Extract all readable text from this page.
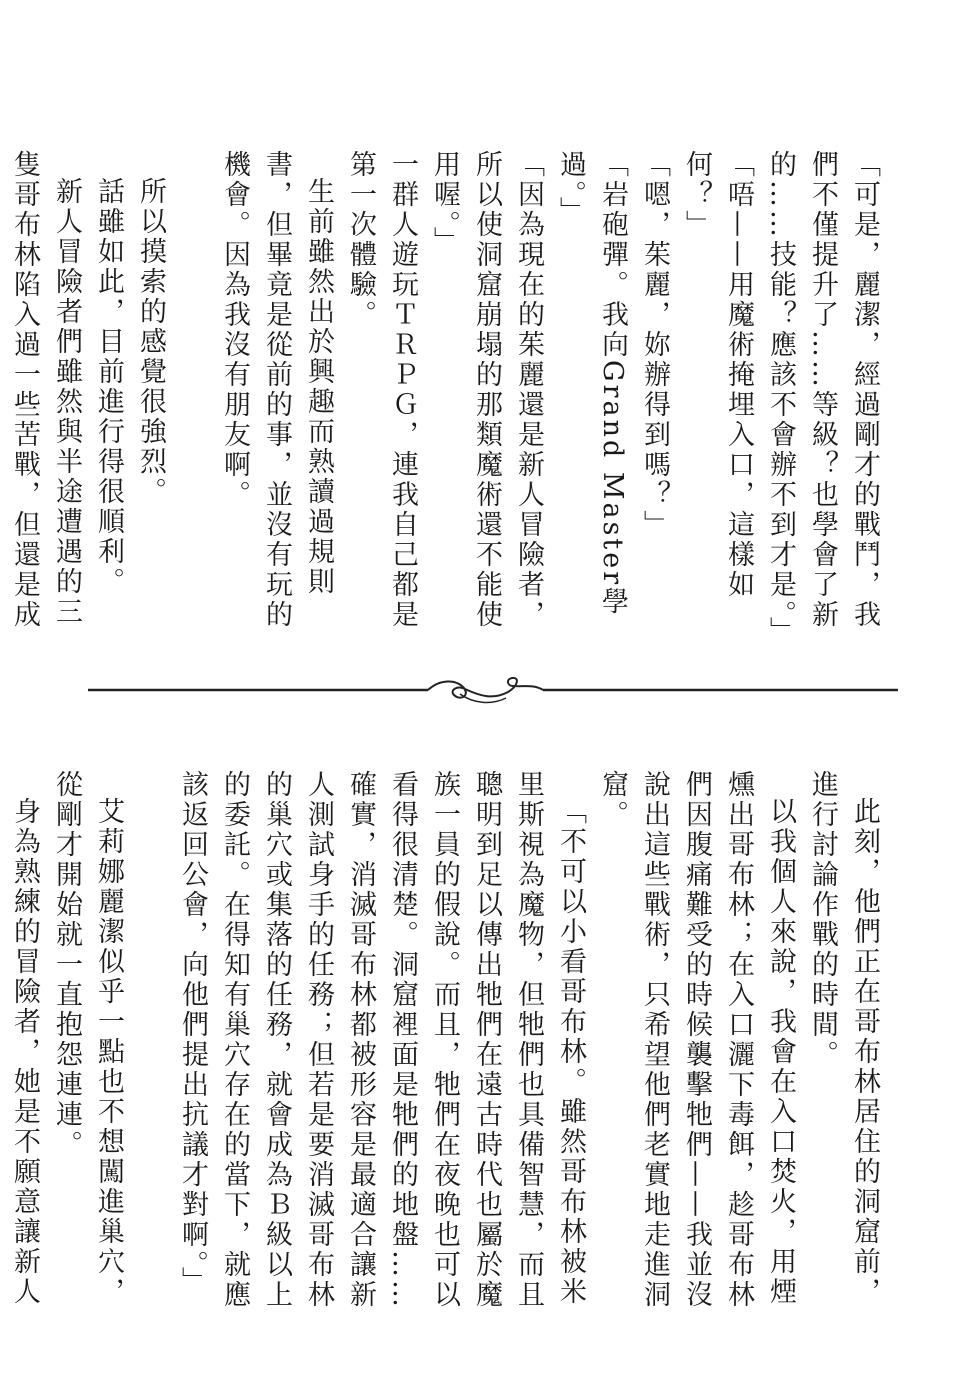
「可是，麗潔，經過剛才的戰鬥，我們不僅提升了……等級？也學會了新的……技能？應該不會辦不到才是。」

「唔——用魔術掩埋入口，這樣如何？」

「嗯，茱麗，妳辦得到嗎？」

「岩砲彈。我向Grand Master學過。」

「因為現在的茱麗還是新人冒險者，所以使洞窟崩塌的那類魔術還不能使用喔。」

一群人遊玩ＴＲＰＧ，連我自己都是第一次體驗。

生前雖然出於興趣而熟讀過規則書，但畢竟是從前的事，並沒有玩的機會。因為我沒有朋友啊。

所以摸索的感覺很強烈。

話雖如此，目前進行得很順利。

新人冒險者們雖然與半途遭遇的三隻哥布林陷入過一些苦戰，但還是成

此刻，他們正在哥布林居住的洞窟前，進行討論作戰的時間。

以我個人來說，我會在入口焚火，用煙燻出哥布林；在入口灑下毒餌，趁哥布林們因腹痛難受的時候襲擊牠們——我並沒說出這些戰術，只希望他們老實地走進洞窟。

「不可以小看哥布林。雖然哥布林被米里斯視為魔物，但牠們也具備智慧，而且聰明到足以傳出牠們在遠古時代也屬於魔族一員的假說。而且，牠們在夜晚也可以看得很清楚。洞窟裡面是牠們的地盤……確實，消滅哥布林都被形容是最適合讓新人測試身手的任務；但若是要消滅哥布林的巢穴或集落的任務，就會成為Ｂ級以上的委託。在得知有巢穴存在的當下，就應該返回公會，向他們提出抗議才對啊。」

艾莉娜麗潔似乎一點也不想闖進巢穴，從剛才開始就一直抱怨連連。

身為熟練的冒險者，她是不願意讓新人
